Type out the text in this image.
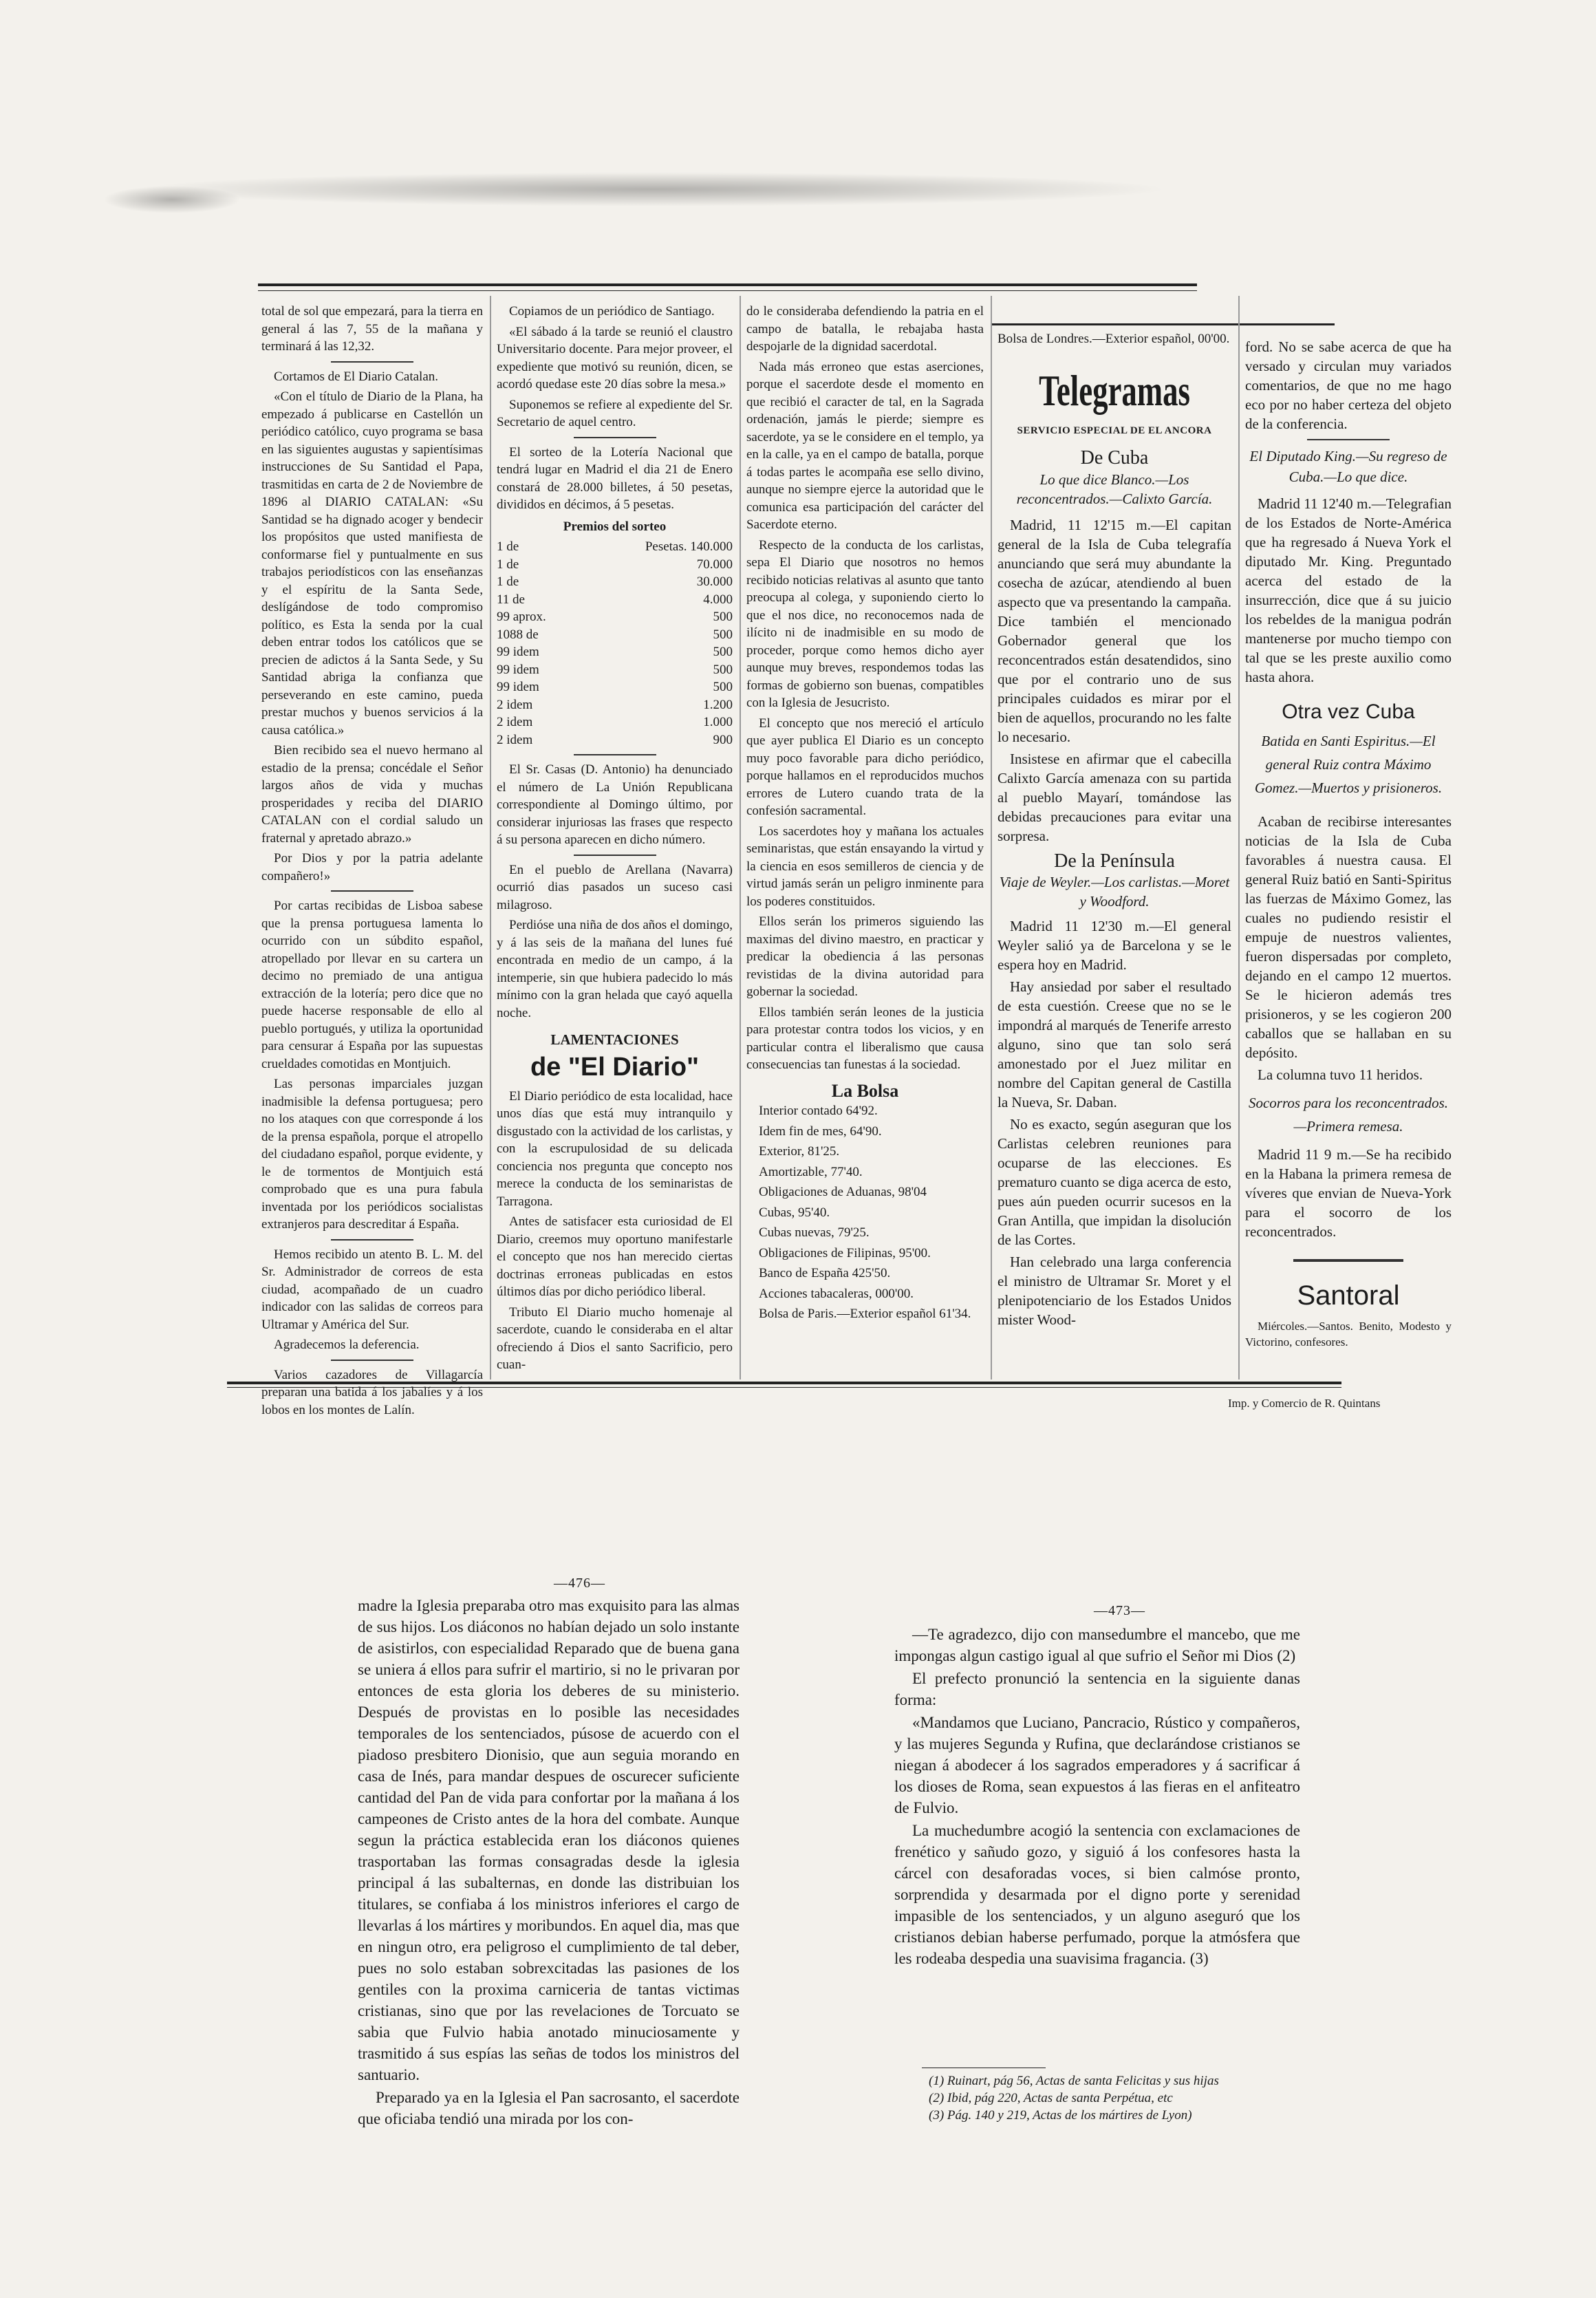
total de sol que empezará, para la tierra en general á las 7, 55 de la mañana y terminará á las 12,32.

Cortamos de El Diario Catalan.

«Con el título de Diario de la Plana, ha empezado á publicarse en Castellón un periódico católico, cuyo programa se basa en las siguientes augustas y sapientísimas instrucciones de Su Santidad el Papa, trasmitidas en carta de 2 de Noviembre de 1896 al DIARIO CATALAN: «Su Santidad se ha dignado acoger y bendecir los propósitos que usted manifiesta de conformarse fiel y puntualmente en sus trabajos periodísticos con las enseñanzas y el espíritu de la Santa Sede, deslígándose de todo compromiso político, es Esta la senda por la cual deben entrar todos los católicos que se precien de adictos á la Santa Sede, y Su Santidad abriga la confianza que perseverando en este camino, pueda prestar muchos y buenos servicios á la causa católica.»

Bien recibido sea el nuevo hermano al estadio de la prensa; concédale el Señor largos años de vida y muchas prosperidades y reciba del DIARIO CATALAN con el cordial saludo un fraternal y apretado abrazo.»

Por Dios y por la patria adelante compañero!»

Por cartas recibidas de Lisboa sabese que la prensa portuguesa lamenta lo ocurrido con un súbdito español, atropellado por llevar en su cartera un decimo no premiado de una antigua extracción de la lotería; pero dice que no puede hacerse responsable de ello al pueblo portugués, y utiliza la oportunidad para censurar á España por las supuestas crueldades comotidas en Montjuich.

Las personas imparciales juzgan inadmisible la defensa portuguesa; pero no los ataques con que corresponde á los de la prensa española, porque el atropello del ciudadano español, porque evidente, y le de tormentos de Montjuich está comprobado que es una pura fabula inventada por los periódicos socialistas extranjeros para descreditar á España.

Hemos recibido un atento B. L. M. del Sr. Administrador de correos de esta ciudad, acompañado de un cuadro indicador con las salidas de correos para Ultramar y América del Sur.

Agradecemos la deferencia.

Varios cazadores de Villagarcía preparan una batida á los jabalíes y á los lobos en los montes de Lalín.

Copiamos de un periódico de Santiago.

«El sábado á la tarde se reunió el claustro Universitario docente. Para mejor proveer, el expediente que motivó su reunión, dicen, se acordó quedase este 20 días sobre la mesa.»

Suponemos se refiere al expediente del Sr. Secretario de aquel centro.

El sorteo de la Lotería Nacional que tendrá lugar en Madrid el dia 21 de Enero constará de 28.000 billetes, á 50 pesetas, divididos en décimos, á 5 pesetas.

Premios del sorteo
1 de	Pesetas. 140.000
1 de	70.000
1 de	30.000
11 de	4.000
99 aprox.	500
1088 de	500
99 idem	500
99 idem	500
99 idem	500
2 idem	1.200
2 idem	1.000
2 idem	900

El Sr. Casas (D. Antonio) ha denunciado el número de La Unión Republicana correspondiente al Domingo último, por considerar injuriosas las frases que respecto á su persona aparecen en dicho número.

En el pueblo de Arellana (Navarra) ocurrió dias pasados un suceso casi milagroso.

Perdióse una niña de dos años el domingo, y á las seis de la mañana del lunes fué encontrada en medio de un campo, á la intemperie, sin que hubiera padecido lo más mínimo con la gran helada que cayó aquella noche.

LAMENTACIONES
de "El Diario"

El Diario periódico de esta localidad, hace unos días que está muy intranquilo y disgustado con la actividad de los carlistas, y con la escrupulosidad de su delicada conciencia nos pregunta que concepto nos merece la conducta de los seminaristas de Tarragona.

Antes de satisfacer esta curiosidad de El Diario, creemos muy oportuno manifestarle el concepto que nos han merecido ciertas doctrinas erroneas publicadas en estos últimos días por dicho periódico liberal.

Tributo El Diario mucho homenaje al sacerdote, cuando le consideraba en el altar ofreciendo á Dios el santo Sacrificio, pero cuan-

do le consideraba defendiendo la patria en el campo de batalla, le rebajaba hasta despojarle de la dignidad sacerdotal.

Nada más erroneo que estas aserciones, porque el sacerdote desde el momento en que recibió el caracter de tal, en la Sagrada ordenación, jamás le pierde; siempre es sacerdote, ya se le considere en el templo, ya en la calle, ya en el campo de batalla, porque á todas partes le acompaña ese sello divino, aunque no siempre ejerce la autoridad que le comunica esa participación del carácter del Sacerdote eterno.

Respecto de la conducta de los carlistas, sepa El Diario que nosotros no hemos recibido noticias relativas al asunto que tanto preocupa al colega, y suponiendo cierto lo que el nos dice, no reconocemos nada de ilícito ni de inadmisible en su modo de proceder, porque como hemos dicho ayer aunque muy breves, respondemos todas las formas de gobierno son buenas, compatibles con la Iglesia de Jesucristo.

El concepto que nos mereció el artículo que ayer publica El Diario es un concepto muy poco favorable para dicho periódico, porque hallamos en el reproducidos muchos errores de Lutero cuando trata de la confesión sacramental.

Los sacerdotes hoy y mañana los actuales seminaristas, que están ensayando la virtud y la ciencia en esos semilleros de ciencia y de virtud jamás serán un peligro inminente para los poderes constituidos.

Ellos serán los primeros siguiendo las maximas del divino maestro, en practicar y predicar la obediencia á las personas revistidas de la divina autoridad para gobernar la sociedad.

Ellos también serán leones de la justicia para protestar contra todos los vicios, y en particular contra el liberalismo que causa consecuencias tan funestas á la sociedad.

La Bolsa

Interior contado 64'92.

Idem fin de mes, 64'90.

Exterior, 81'25.

Amortizable, 77'40.

Obligaciones de Aduanas, 98'04

Cubas, 95'40.

Cubas nuevas, 79'25.

Obligaciones de Filipinas, 95'00.

Banco de España 425'50.

Acciones tabacaleras, 000'00.

Bolsa de Paris.—Exterior español 61'34.

Bolsa de Londres.—Exterior español, 00'00.

Telegramas
SERVICIO ESPECIAL DE EL ANCORA
De Cuba
Lo que dice Blanco.—Los reconcentrados.—Calixto García.

Madrid, 11 12'15 m.—El capitan general de la Isla de Cuba telegrafía anunciando que será muy abundante la cosecha de azúcar, atendiendo al buen aspecto que va presentando la campaña. Dice también el mencionado Gobernador general que los reconcentrados están desatendidos, sino que por el contrario uno de sus principales cuidados es mirar por el bien de aquellos, procurando no les falte lo necesario.

Insistese en afirmar que el cabecilla Calixto García amenaza con su partida al pueblo Mayarí, tomándose las debidas precauciones para evitar una sorpresa.

De la Península
Viaje de Weyler.—Los carlistas.—Moret y Woodford.

Madrid 11 12'30 m.—El general Weyler salió ya de Barcelona y se le espera hoy en Madrid.

Hay ansiedad por saber el resultado de esta cuestión. Creese que no se le impondrá al marqués de Tenerife arresto alguno, sino que tan solo será amonestado por el Juez militar en nombre del Capitan general de Castilla la Nueva, Sr. Daban.

No es exacto, según aseguran que los Carlistas celebren reuniones para ocuparse de las elecciones. Es prematuro cuanto se diga acerca de esto, pues aún pueden ocurrir sucesos en la Gran Antilla, que impidan la disolución de las Cortes.

Han celebrado una larga conferencia el ministro de Ultramar Sr. Moret y el plenipotenciario de los Estados Unidos mister Wood-

ford. No se sabe acerca de que ha versado y circulan muy variados comentarios, de que no me hago eco por no haber certeza del objeto de la conferencia.

El Diputado King.—Su regreso de Cuba.—Lo que dice.

Madrid 11 12'40 m.—Telegrafian de los Estados de Norte-América que ha regresado á Nueva York el diputado Mr. King. Preguntado acerca del estado de la insurrección, dice que á su juicio los rebeldes de la manigua podrán mantenerse por mucho tiempo con tal que se les preste auxilio como hasta ahora.

Otra vez Cuba
Batida en Santi Espiritus.—El general Ruiz contra Máximo Gomez.—Muertos y prisioneros.

Acaban de recibirse interesantes noticias de la Isla de Cuba favorables á nuestra causa. El general Ruiz batió en Santi-Spiritus las fuerzas de Máximo Gomez, las cuales no pudiendo resistir el empuje de nuestros valientes, fueron dispersadas por completo, dejando en el campo 12 muertos. Se le hicieron además tres prisioneros, y se les cogieron 200 caballos que se hallaban en su depósito.

La columna tuvo 11 heridos.

Socorros para los reconcentrados.—Primera remesa.

Madrid 11 9 m.—Se ha recibido en la Habana la primera remesa de víveres que envian de Nueva-York para el socorro de los reconcentrados.

Santoral

Miércoles.—Santos. Benito, Modesto y Victorino, confesores.

Imp. y Comercio de R. Quintans
—476—

madre la Iglesia preparaba otro mas exquisito para las almas de sus hijos. Los diáconos no habían dejado un solo instante de asistirlos, con especialidad Reparado que de buena gana se uniera á ellos para sufrir el martirio, si no le privaran por entonces de esta gloria los deberes de su ministerio. Después de provistas en lo posible las necesidades temporales de los sentenciados, púsose de acuerdo con el piadoso presbitero Dionisio, que aun seguia morando en casa de Inés, para mandar despues de oscurecer suficiente cantidad del Pan de vida para confortar por la mañana á los campeones de Cristo antes de la hora del combate. Aunque segun la práctica establecida eran los diáconos quienes trasportaban las formas consagradas desde la iglesia principal á las subalternas, en donde las distribuian los titulares, se confiaba á los ministros inferiores el cargo de llevarlas á los mártires y moribundos. En aquel dia, mas que en ningun otro, era peligroso el cumplimiento de tal deber, pues no solo estaban sobrexcitadas las pasiones de los gentiles con la proxima carniceria de tantas victimas cristianas, sino que por las revelaciones de Torcuato se sabia que Fulvio habia anotado minuciosamente y trasmitido á sus espías las señas de todos los ministros del santuario.

Preparado ya en la Iglesia el Pan sacrosanto, el sacerdote que oficiaba tendió una mirada por los con-

—473—

—Te agradezco, dijo con mansedumbre el mancebo, que me impongas algun castigo igual al que sufrio el Señor mi Dios (2)

El prefecto pronunció la sentencia en la siguiente danas forma:

«Mandamos que Luciano, Pancracio, Rústico y compañeros, y las mujeres Segunda y Rufina, que declarándose cristianos se niegan á abodecer á los sagrados emperadores y á sacrificar á los dioses de Roma, sean expuestos á las fieras en el anfiteatro de Fulvio.

La muchedumbre acogió la sentencia con exclamaciones de frenético y sañudo gozo, y siguió á los confesores hasta la cárcel con desaforadas voces, si bien calmóse pronto, sorprendida y desarmada por el digno porte y serenidad impasible de los sentenciados, y un alguno aseguró que los cristianos debian haberse perfumado, porque la atmósfera que les rodeaba despedia una suavisima fragancia. (3)

(1) Ruinart, pág 56, Actas de santa Felicitas y sus hijas
(2) Ibid, pág 220, Actas de santa Perpétua, etc
(3) Pág. 140 y 219, Actas de los mártires de Lyon)
